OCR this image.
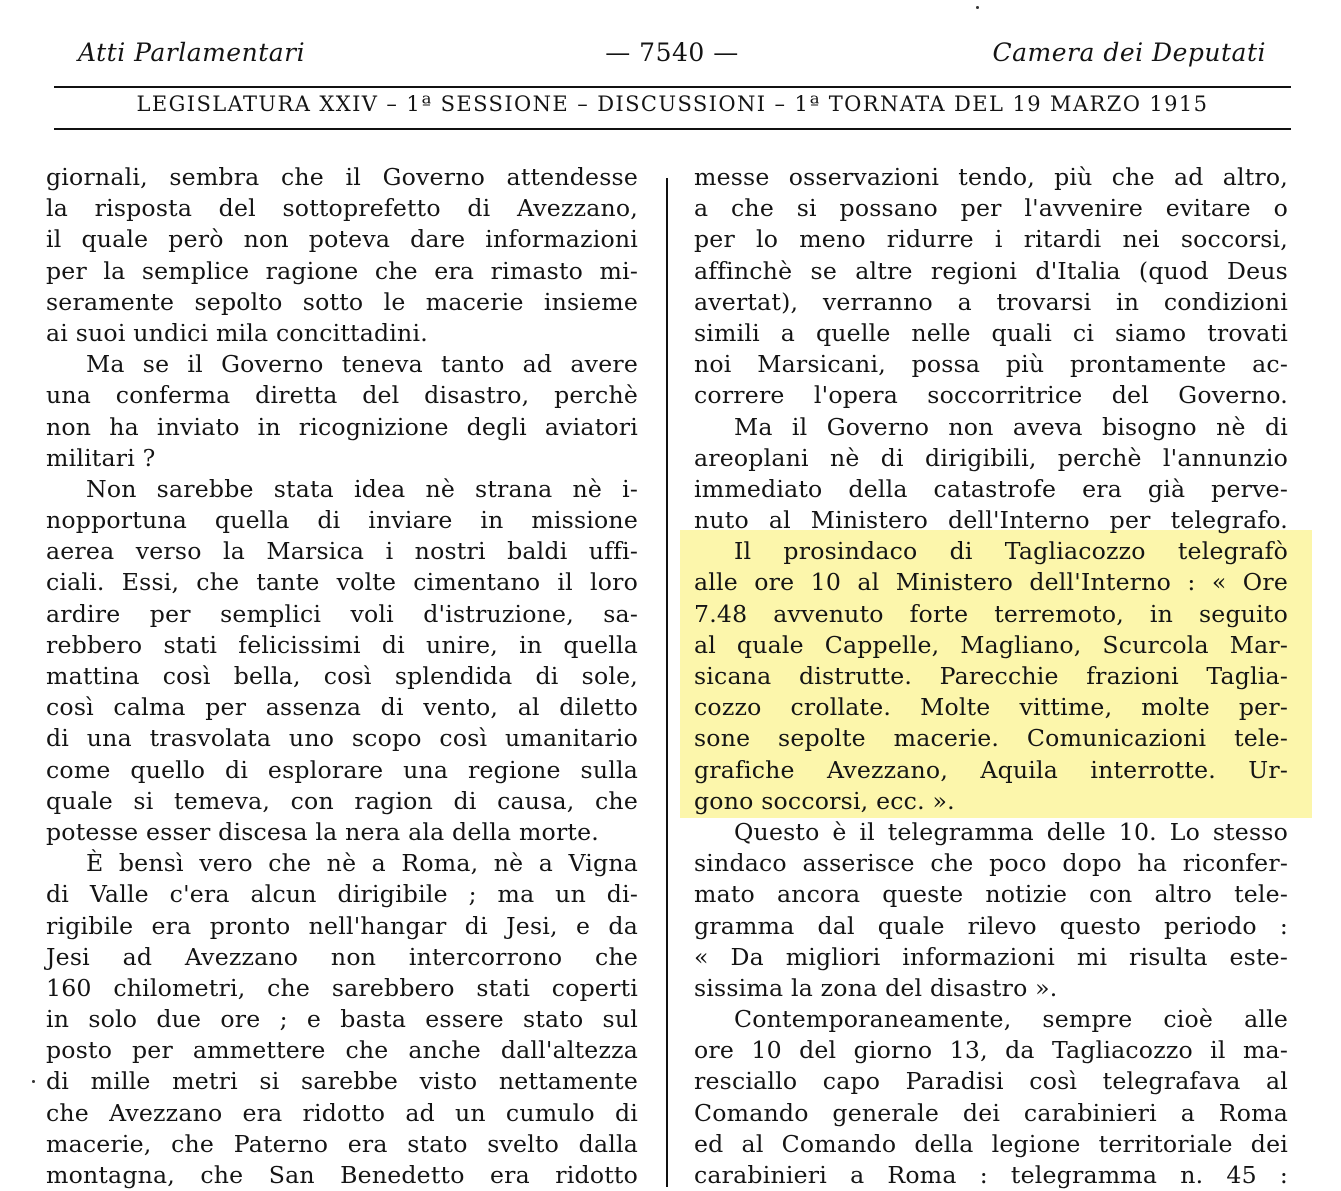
Atti Parlamentari	— 7540 —	Camera dei Deputati
LEGISLATURA XXIV – 1ª SESSIONE – DISCUSSIONI – 1ª TORNATA DEL 19 MARZO 1915
giornali, sembra che il Governo attendesse
la risposta del sottoprefetto di Avezzano,
il quale però non poteva dare informazioni
per la semplice ragione che era rimasto mi-
seramente sepolto sotto le macerie insieme
ai suoi undici mila concittadini.
Ma se il Governo teneva tanto ad avere
una conferma diretta del disastro, perchè
non ha inviato in ricognizione degli aviatori
militari ?
Non sarebbe stata idea nè strana nè i-
nopportuna quella di inviare in missione
aerea verso la Marsica i nostri baldi uffi-
ciali. Essi, che tante volte cimentano il loro
ardire per semplici voli d'istruzione, sa-
rebbero stati felicissimi di unire, in quella
mattina così bella, così splendida di sole,
così calma per assenza di vento, al diletto
di una trasvolata uno scopo così umanitario
come quello di esplorare una regione sulla
quale si temeva, con ragion di causa, che
potesse esser discesa la nera ala della morte.
È bensì vero che nè a Roma, nè a Vigna
di Valle c'era alcun dirigibile ; ma un di-
rigibile era pronto nell'hangar di Jesi, e da
Jesi ad Avezzano non intercorrono che
160 chilometri, che sarebbero stati coperti
in solo due ore ; e basta essere stato sul
posto per ammettere che anche dall'altezza
di mille metri si sarebbe visto nettamente
che Avezzano era ridotto ad un cumulo di
macerie, che Paterno era stato svelto dalla
montagna, che San Benedetto era ridotto
messe osservazioni tendo, più che ad altro,
a che si possano per l'avvenire evitare o
per lo meno ridurre i ritardi nei soccorsi,
affinchè se altre regioni d'Italia (quod Deus
avertat), verranno a trovarsi in condizioni
simili a quelle nelle quali ci siamo trovati
noi Marsicani, possa più prontamente ac-
correre l'opera soccorritrice del Governo.
Ma il Governo non aveva bisogno nè di
areoplani nè di dirigibili, perchè l'annunzio
immediato della catastrofe era già perve-
nuto al Ministero dell'Interno per telegrafo.
Il prosindaco di Tagliacozzo telegrafò
alle ore 10 al Ministero dell'Interno : « Ore
7.48 avvenuto forte terremoto, in seguito
al quale Cappelle, Magliano, Scurcola Mar-
sicana distrutte. Parecchie frazioni Taglia-
cozzo crollate. Molte vittime, molte per-
sone sepolte macerie. Comunicazioni tele-
grafiche Avezzano, Aquila interrotte. Ur-
gono soccorsi, ecc. ».
Questo è il telegramma delle 10. Lo stesso
sindaco asserisce che poco dopo ha riconfer-
mato ancora queste notizie con altro tele-
gramma dal quale rilevo questo periodo :
« Da migliori informazioni mi risulta este-
sissima la zona del disastro ».
Contemporaneamente, sempre cioè alle
ore 10 del giorno 13, da Tagliacozzo il ma-
resciallo capo Paradisi così telegrafava al
Comando generale dei carabinieri a Roma
ed al Comando della legione territoriale dei
carabinieri a Roma : telegramma n. 45 :
